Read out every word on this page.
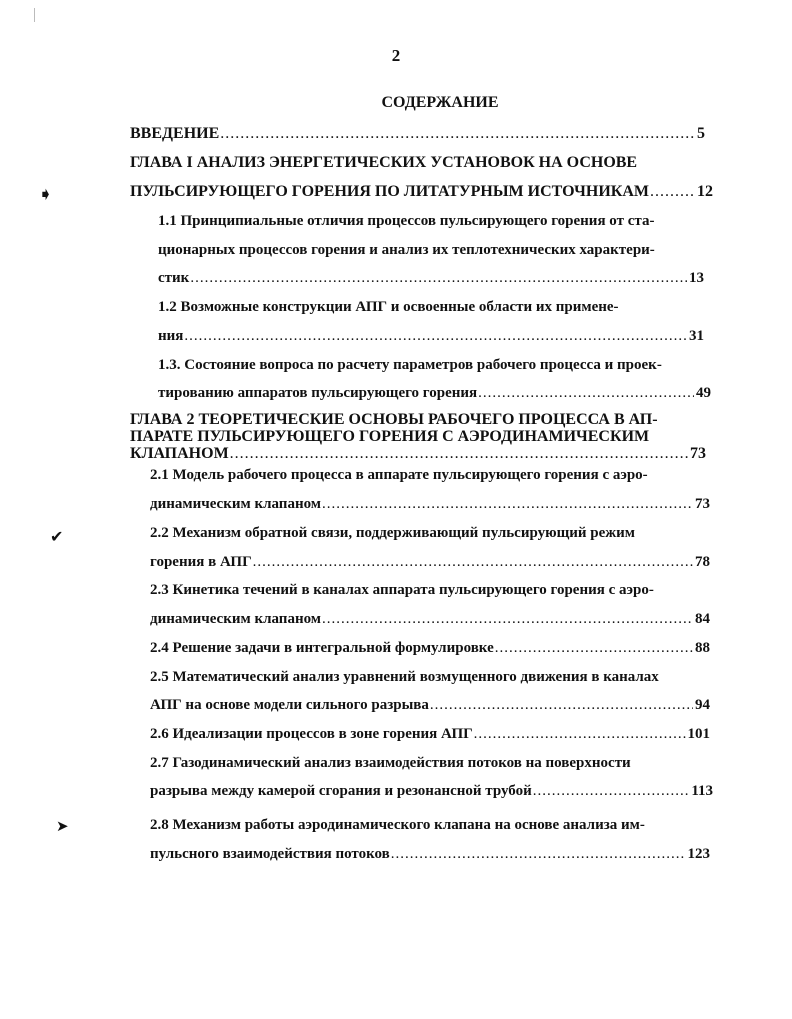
2
СОДЕРЖАНИЕ
ВВЕДЕНИЕ .....	5
ГЛАВА I АНАЛИЗ ЭНЕРГЕТИЧЕСКИХ УСТАНОВОК НА ОСНОВЕ
ПУЛЬСИРУЮЩЕГО ГОРЕНИЯ ПО ЛИТАТУРНЫМ ИСТОЧНИКАМ .....	12
1.1 Принципиальные отличия процессов пульсирующего горения от ста-
ционарных процессов горения и анализ их теплотехнических характери-
стик .....	13
1.2 Возможные конструкции АПГ и освоенные области их примене-
ния .....	31
1.3. Состояние вопроса по расчету параметров рабочего процесса и проек-
тированию аппаратов пульсирующего горения .....	49
ГЛАВА 2 ТЕОРЕТИЧЕСКИЕ ОСНОВЫ РАБОЧЕГО ПРОЦЕССА В АП-
ПАРАТЕ ПУЛЬСИРУЮЩЕГО ГОРЕНИЯ С АЭРОДИНАМИЧЕСКИМ
КЛАПАНОМ .....	73
2.1 Модель рабочего процесса в аппарате пульсирующего горения с аэро-
динамическим клапаном .....	73
2.2 Механизм обратной связи, поддерживающий пульсирующий режим
горения в АПГ .....	78
2.3 Кинетика течений в каналах аппарата пульсирующего горения с аэро-
динамическим клапаном .....	84
2.4 Решение задачи в интегральной формулировке .....	88
2.5 Математический анализ уравнений возмущенного движения в каналах
АПГ на основе модели сильного разрыва .....	94
2.6 Идеализации процессов в зоне горения АПГ .....	101
2.7 Газодинамический анализ взаимодействия потоков на поверхности
разрыва между камерой сгорания и резонансной трубой .....	113
2.8 Механизм работы аэродинамического клапана на основе анализа им-
пульсного взаимодействия потоков .....	123
➧
✔
➤
